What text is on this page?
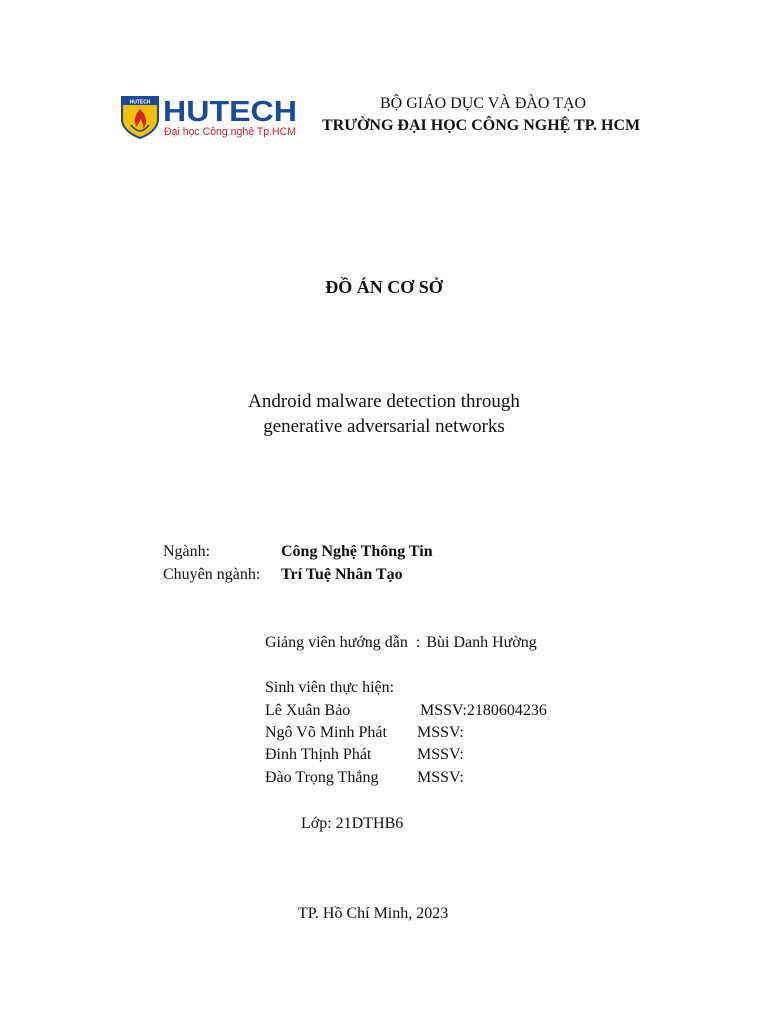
HUTECH HUTECH
Đại học Công nghệ Tp.HCM
BỘ GIÁO DỤC VÀ ĐÀO TẠO
TRƯỜNG ĐẠI HỌC CÔNG NGHỆ TP. HCM
ĐỒ ÁN CƠ SỞ
Android malware detection through
generative adversarial networks
Ngành:	Công Nghệ Thông Tin
Chuyên ngành: Trí Tuệ Nhân Tạo
Giảng viên hướng dẫn : Bùi Danh Hường
Sinh viên thực hiện:
Lê Xuân Bảo	MSSV:2180604236
Ngô Võ Minh Phát MSSV:
Đinh Thịnh Phát	MSSV:
Đào Trọng Thắng MSSV:
Lớp: 21DTHB6
TP. Hồ Chí Minh, 2023
